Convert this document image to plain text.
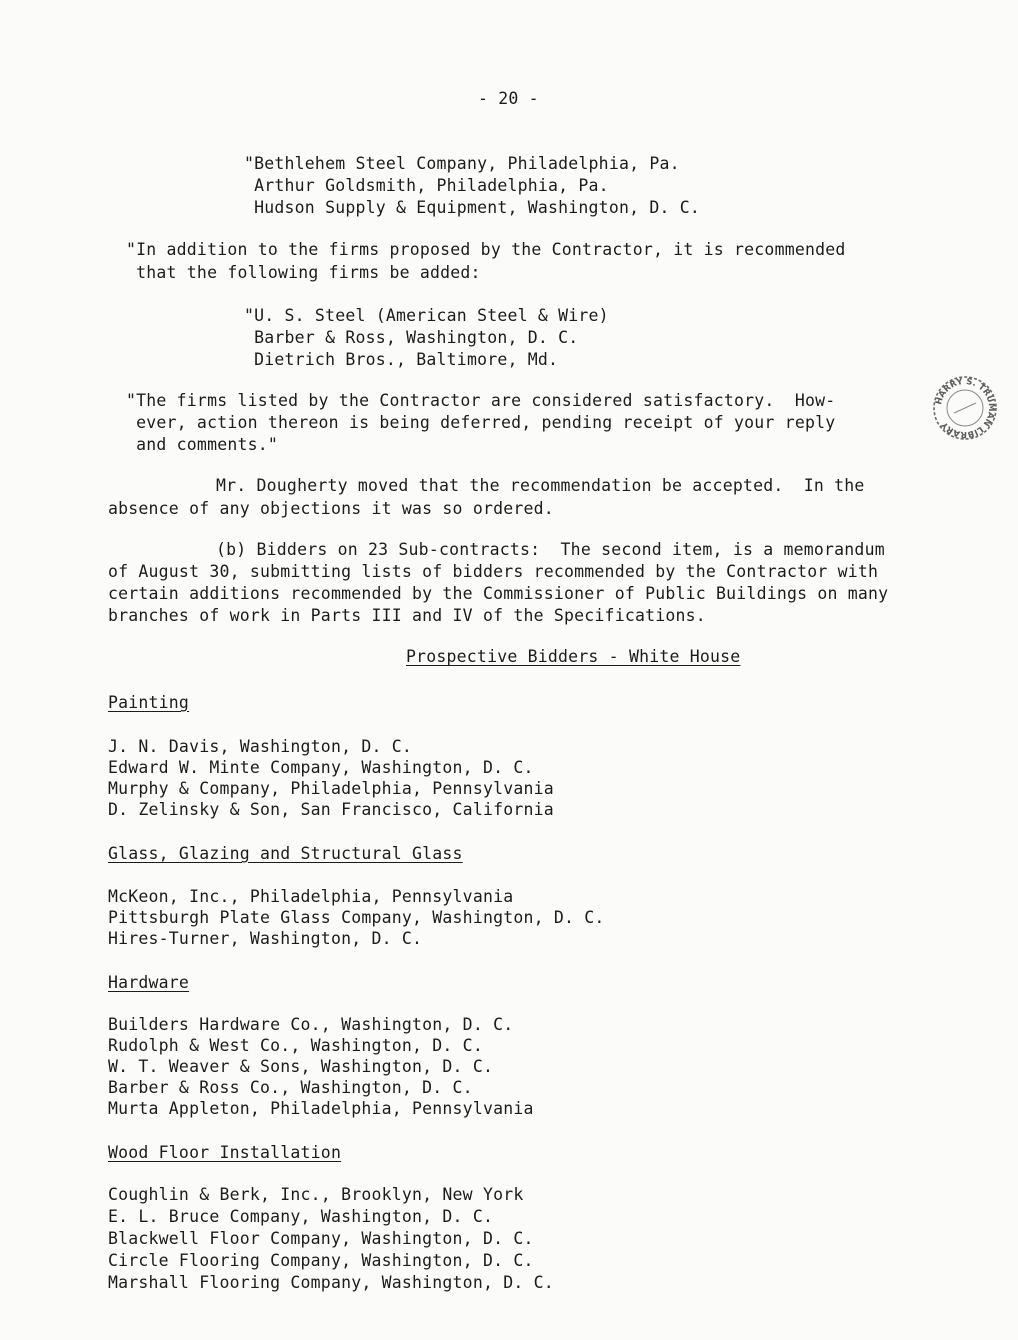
- 20 -
"Bethlehem Steel Company, Philadelphia, Pa.
Arthur Goldsmith, Philadelphia, Pa.
Hudson Supply & Equipment, Washington, D. C.
"In addition to the firms proposed by the Contractor, it is recommended
that the following firms be added:
"U. S. Steel (American Steel & Wire)
Barber & Ross, Washington, D. C.
Dietrich Bros., Baltimore, Md.
"The firms listed by the Contractor are considered satisfactory.  How-
ever, action thereon is being deferred, pending receipt of your reply
and comments."
Mr. Dougherty moved that the recommendation be accepted.  In the
absence of any objections it was so ordered.
(b) Bidders on 23 Sub-contracts:  The second item, is a memorandum
of August 30, submitting lists of bidders recommended by the Contractor with
certain additions recommended by the Commissioner of Public Buildings on many
branches of work in Parts III and IV of the Specifications.
Prospective Bidders - White House
Painting
J. N. Davis, Washington, D. C.
Edward W. Minte Company, Washington, D. C.
Murphy & Company, Philadelphia, Pennsylvania
D. Zelinsky & Son, San Francisco, California
Glass, Glazing and Structural Glass
McKeon, Inc., Philadelphia, Pennsylvania
Pittsburgh Plate Glass Company, Washington, D. C.
Hires-Turner, Washington, D. C.
Hardware
Builders Hardware Co., Washington, D. C.
Rudolph & West Co., Washington, D. C.
W. T. Weaver & Sons, Washington, D. C.
Barber & Ross Co., Washington, D. C.
Murta Appleton, Philadelphia, Pennsylvania
Wood Floor Installation
Coughlin & Berk, Inc., Brooklyn, New York
E. L. Bruce Company, Washington, D. C.
Blackwell Floor Company, Washington, D. C.
Circle Flooring Company, Washington, D. C.
Marshall Flooring Company, Washington, D. C.
HARRY S. TRUMAN LIBRARY
